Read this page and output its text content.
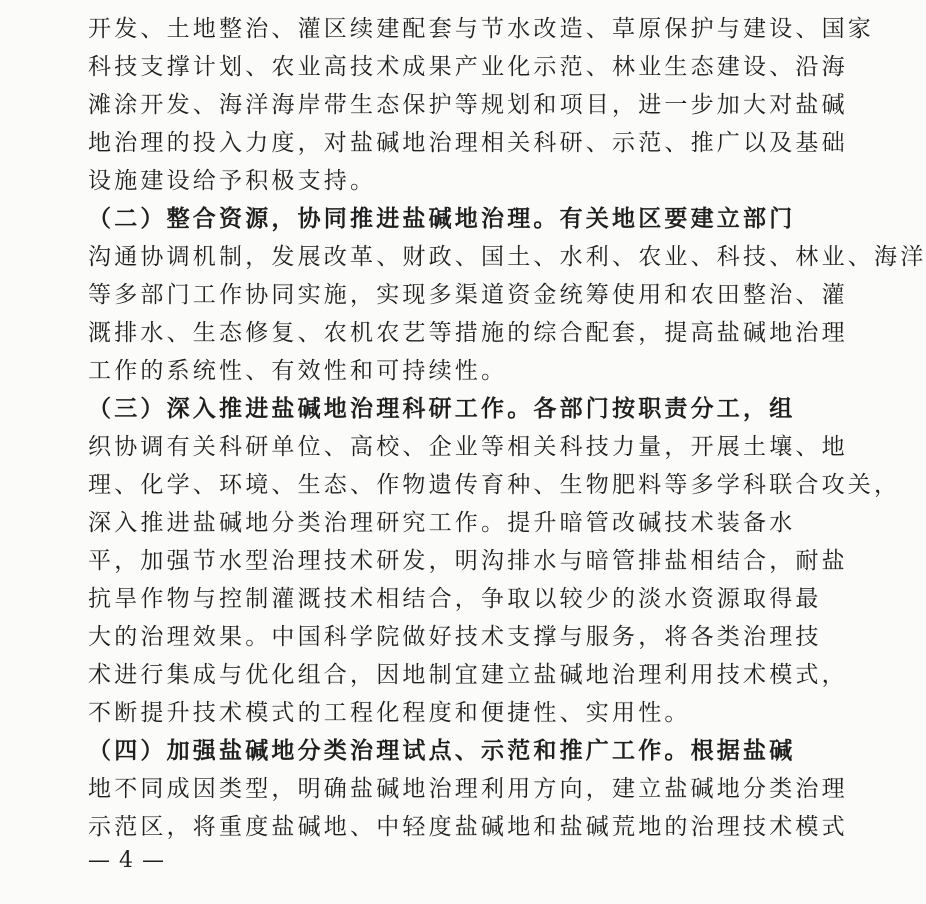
开发、土地整治、灌区续建配套与节水改造、草原保护与建设、国家
科技支撑计划、农业高技术成果产业化示范、林业生态建设、沿海
滩涂开发、海洋海岸带生态保护等规划和项目，进一步加大对盐碱
地治理的投入力度，对盐碱地治理相关科研、示范、推广以及基础
设施建设给予积极支持。
（二）整合资源，协同推进盐碱地治理。有关地区要建立部门
沟通协调机制，发展改革、财政、国土、水利、农业、科技、林业、海洋
等多部门工作协同实施，实现多渠道资金统筹使用和农田整治、灌
溉排水、生态修复、农机农艺等措施的综合配套，提高盐碱地治理
工作的系统性、有效性和可持续性。
（三）深入推进盐碱地治理科研工作。各部门按职责分工，组
织协调有关科研单位、高校、企业等相关科技力量，开展土壤、地
理、化学、环境、生态、作物遗传育种、生物肥料等多学科联合攻关，
深入推进盐碱地分类治理研究工作。提升暗管改碱技术装备水
平，加强节水型治理技术研发，明沟排水与暗管排盐相结合，耐盐
抗旱作物与控制灌溉技术相结合，争取以较少的淡水资源取得最
大的治理效果。中国科学院做好技术支撑与服务，将各类治理技
术进行集成与优化组合，因地制宜建立盐碱地治理利用技术模式，
不断提升技术模式的工程化程度和便捷性、实用性。
（四）加强盐碱地分类治理试点、示范和推广工作。根据盐碱
地不同成因类型，明确盐碱地治理利用方向，建立盐碱地分类治理
示范区，将重度盐碱地、中轻度盐碱地和盐碱荒地的治理技术模式
— 4 —
